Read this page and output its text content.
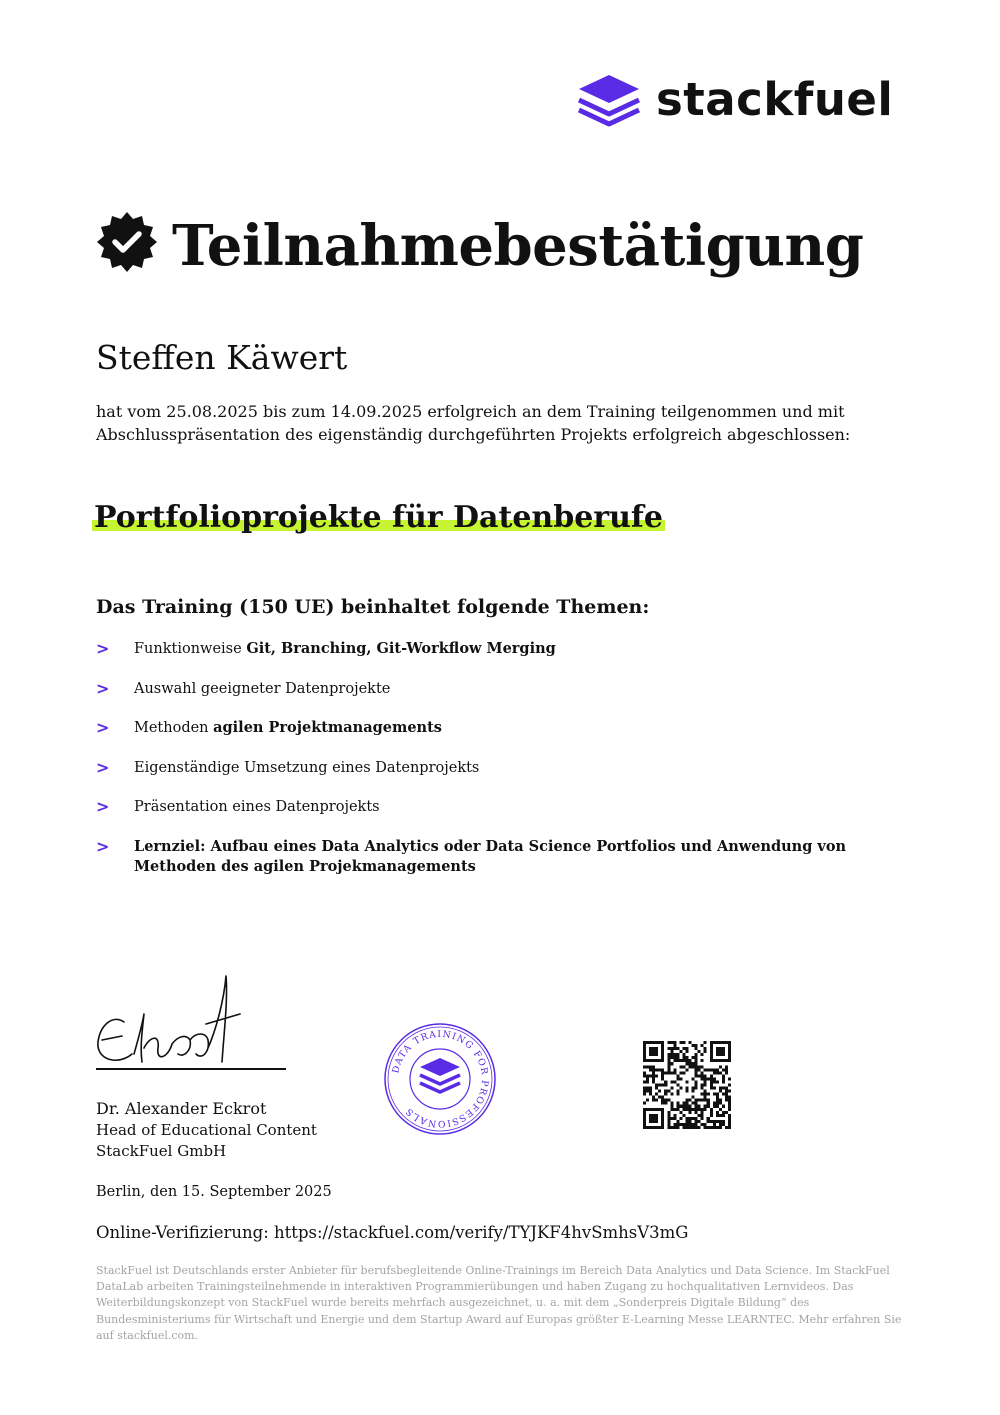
stackfuel
Teilnahmebestätigung
Steffen Käwert

hat vom 25.08.2025 bis zum 14.09.2025 erfolgreich an dem Training teilgenommen und mit Abschlusspräsentation des eigenständig durchgeführten Projekts erfolgreich abgeschlossen:

Portfolioprojekte für Datenberufe
Das Training (150 UE) beinhaltet folgende Themen:
> Funktionweise Git, Branching, Git-Workflow Merging
> Auswahl geeigneter Datenprojekte
> Methoden agilen Projektmanagements
> Eigenständige Umsetzung eines Datenprojekts
> Präsentation eines Datenprojekts
> Lernziel: Aufbau eines Data Analytics oder Data Science Portfolios und Anwendung von Methoden des agilen Projekmanagements

Dr. Alexander Eckrot

Head of Educational Content

StackFuel GmbH

DATA TRAINING FOR PROFESSIONALS

Berlin, den 15. September 2025

Online-Verifizierung: https://stackfuel.com/verify/TYJKF4hvSmhsV3mG

StackFuel ist Deutschlands erster Anbieter für berufsbegleitende Online-Trainings im Bereich Data Analytics und Data Science. Im StackFuel DataLab arbeiten Trainingsteilnehmende in interaktiven Programmierübungen und haben Zugang zu hochqualitativen Lernvideos. Das Weiterbildungskonzept von StackFuel wurde bereits mehrfach ausgezeichnet, u. a. mit dem „Sonderpreis Digitale Bildung“ des Bundesministeriums für Wirtschaft und Energie und dem Startup Award auf Europas größter E-Learning Messe LEARNTEC. Mehr erfahren Sie auf stackfuel.com.
